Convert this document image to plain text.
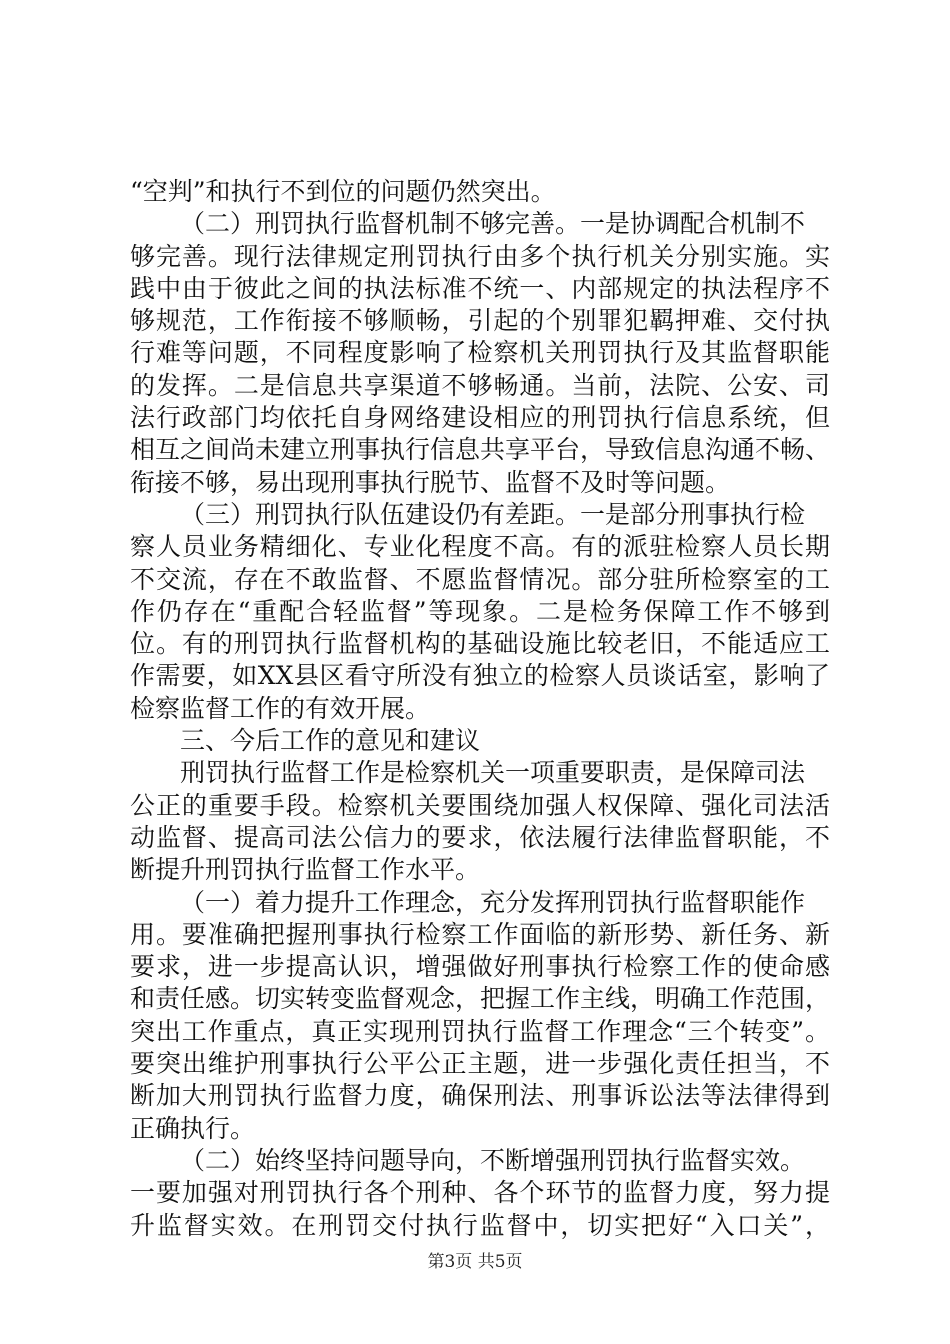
“空判”和执行不到位的问题仍然突出。
（二）刑罚执行监督机制不够完善。一是协调配合机制不
够完善。现行法律规定刑罚执行由多个执行机关分别实施。实
践中由于彼此之间的执法标准不统一、内部规定的执法程序不
够规范，工作衔接不够顺畅，引起的个别罪犯羁押难、交付执
行难等问题，不同程度影响了检察机关刑罚执行及其监督职能
的发挥。二是信息共享渠道不够畅通。当前，法院、公安、司
法行政部门均依托自身网络建设相应的刑罚执行信息系统，但
相互之间尚未建立刑事执行信息共享平台，导致信息沟通不畅、
衔接不够，易出现刑事执行脱节、监督不及时等问题。
（三）刑罚执行队伍建设仍有差距。一是部分刑事执行检
察人员业务精细化、专业化程度不高。有的派驻检察人员长期
不交流，存在不敢监督、不愿监督情况。部分驻所检察室的工
作仍存在“重配合轻监督”等现象。二是检务保障工作不够到
位。有的刑罚执行监督机构的基础设施比较老旧，不能适应工
作需要，如XX县区看守所没有独立的检察人员谈话室，影响了
检察监督工作的有效开展。
三、今后工作的意见和建议
刑罚执行监督工作是检察机关一项重要职责，是保障司法
公正的重要手段。检察机关要围绕加强人权保障、强化司法活
动监督、提高司法公信力的要求，依法履行法律监督职能，不
断提升刑罚执行监督工作水平。
（一）着力提升工作理念，充分发挥刑罚执行监督职能作
用。要准确把握刑事执行检察工作面临的新形势、新任务、新
要求，进一步提高认识，增强做好刑事执行检察工作的使命感
和责任感。切实转变监督观念，把握工作主线，明确工作范围，
突出工作重点，真正实现刑罚执行监督工作理念“三个转变”。
要突出维护刑事执行公平公正主题，进一步强化责任担当，不
断加大刑罚执行监督力度，确保刑法、刑事诉讼法等法律得到
正确执行。
（二）始终坚持问题导向，不断增强刑罚执行监督实效。
一要加强对刑罚执行各个刑种、各个环节的监督力度，努力提
升监督实效。在刑罚交付执行监督中，切实把好“入口关”，
第3页 共5页
